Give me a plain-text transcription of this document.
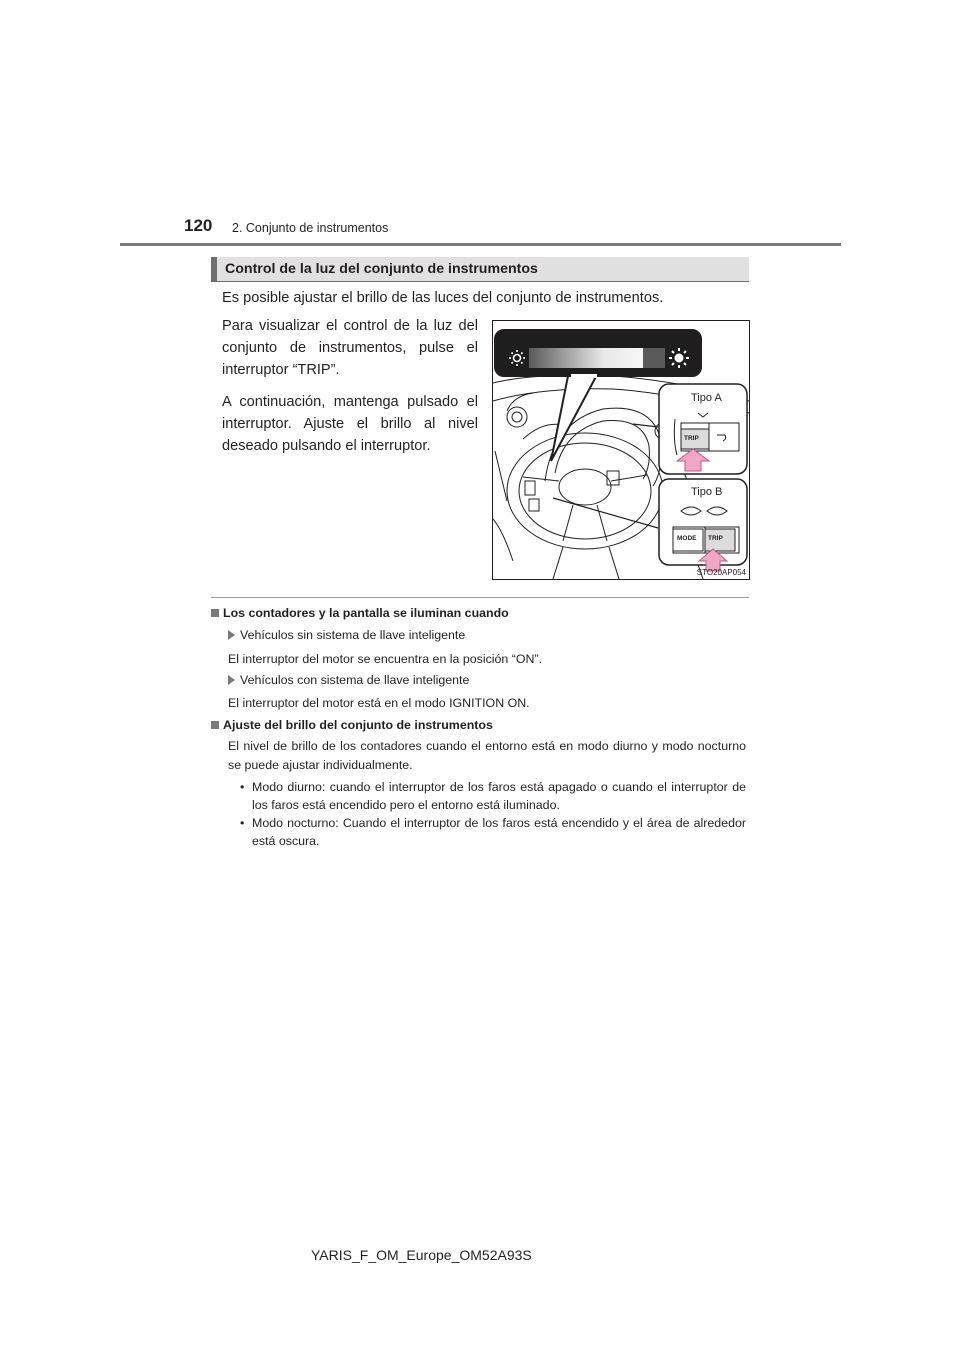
120 2. Conjunto de instrumentos
Control de la luz del conjunto de instrumentos
Es posible ajustar el brillo de las luces del conjunto de instrumentos.

Para visualizar el control de la luz del conjunto de instrumentos, pulse el interruptor “TRIP”.

A continuación, mantenga pulsado el interruptor. Ajuste el brillo al nivel deseado pulsando el interruptor.

Tipo A
Tipo B
TRIP
MODE TRIP
STO20AP054
Los contadores y la pantalla se iluminan cuando
Vehículos sin sistema de llave inteligente
El interruptor del motor se encuentra en la posición “ON”.
Vehículos con sistema de llave inteligente
El interruptor del motor está en el modo IGNITION ON.
Ajuste del brillo del conjunto de instrumentos
El nivel de brillo de los contadores cuando el entorno está en modo diurno y modo nocturno se puede ajustar individualmente.
• Modo diurno: cuando el interruptor de los faros está apagado o cuando el interruptor de los faros está encendido pero el entorno está iluminado.
• Modo nocturno: Cuando el interruptor de los faros está encendido y el área de alrededor está oscura.
YARIS_F_OM_Europe_OM52A93S
